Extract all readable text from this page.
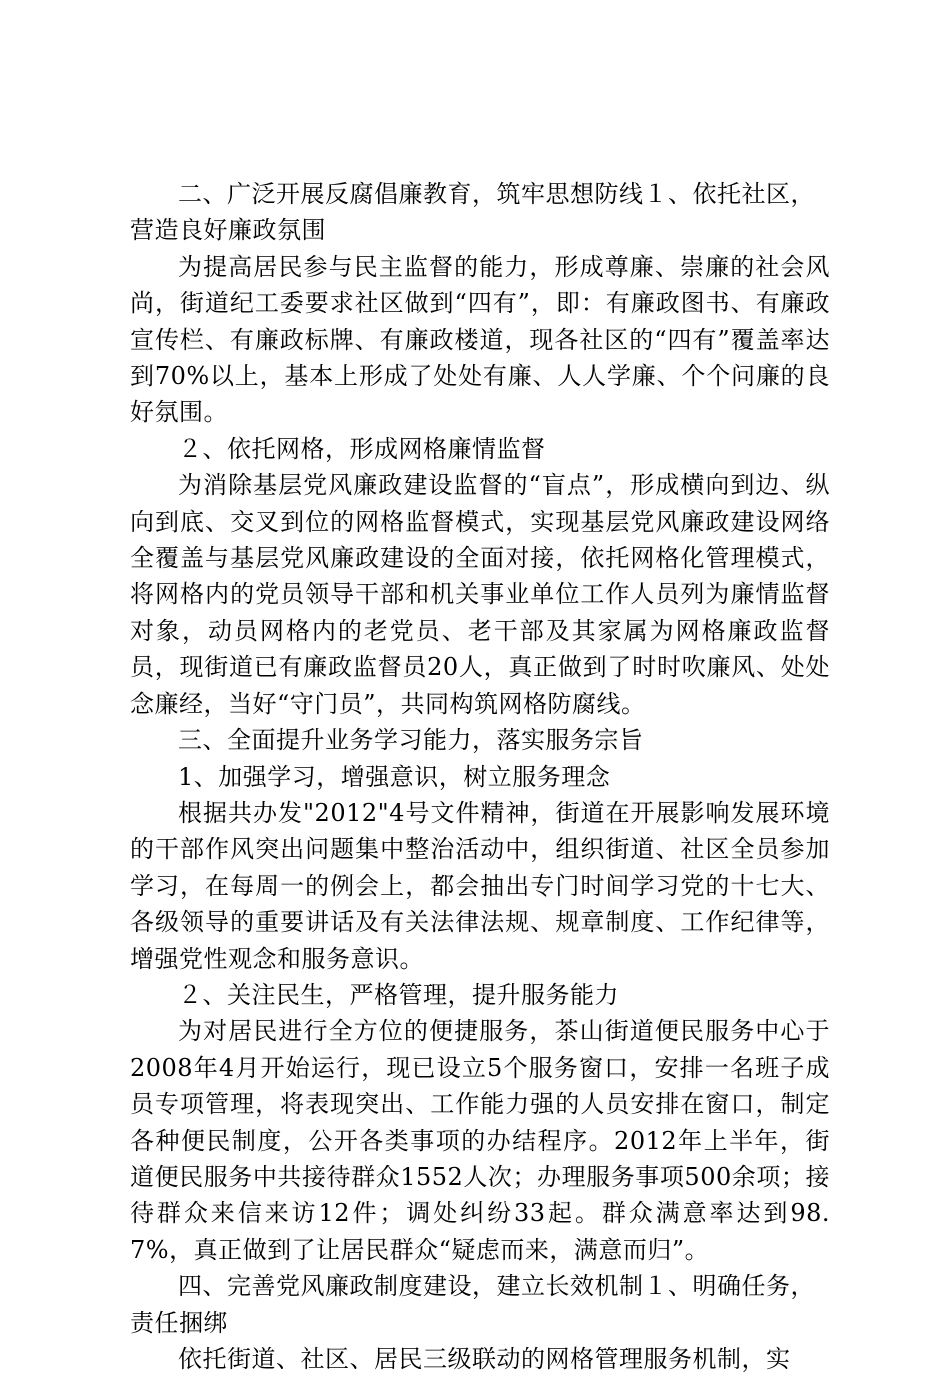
二、广泛开展反腐倡廉教育，筑牢思想防线１、依托社区，营造良好廉政氛围

为提高居民参与民主监督的能力，形成尊廉、崇廉的社会风尚，街道纪工委要求社区做到“四有”，即：有廉政图书、有廉政宣传栏、有廉政标牌、有廉政楼道，现各社区的“四有”覆盖率达到70%以上，基本上形成了处处有廉、人人学廉、个个问廉的良好氛围。

２、依托网格，形成网格廉情监督

为消除基层党风廉政建设监督的“盲点”，形成横向到边、纵向到底、交叉到位的网格监督模式，实现基层党风廉政建设网络全覆盖与基层党风廉政建设的全面对接，依托网格化管理模式，将网格内的党员领导干部和机关事业单位工作人员列为廉情监督对象，动员网格内的老党员、老干部及其家属为网格廉政监督员，现街道已有廉政监督员20人，真正做到了时时吹廉风、处处念廉经，当好“守门员”，共同构筑网格防腐线。

三、全面提升业务学习能力，落实服务宗旨

1、加强学习，增强意识，树立服务理念

根据共办发"2012"4号文件精神，街道在开展影响发展环境的干部作风突出问题集中整治活动中，组织街道、社区全员参加学习，在每周一的例会上，都会抽出专门时间学习党的十七大、各级领导的重要讲话及有关法律法规、规章制度、工作纪律等，增强党性观念和服务意识。

２、关注民生，严格管理，提升服务能力

为对居民进行全方位的便捷服务，茶山街道便民服务中心于2008年4月开始运行，现已设立5个服务窗口，安排一名班子成员专项管理，将表现突出、工作能力强的人员安排在窗口，制定各种便民制度，公开各类事项的办结程序。2012年上半年，街道便民服务中共接待群众1552人次；办理服务事项500余项；接待群众来信来访12件；调处纠纷33起。群众满意率达到98.7%，真正做到了让居民群众“疑虑而来，满意而归”。

四、完善党风廉政制度建设，建立长效机制１、明确任务，责任捆绑

依托街道、社区、居民三级联动的网格管理服务机制，实
